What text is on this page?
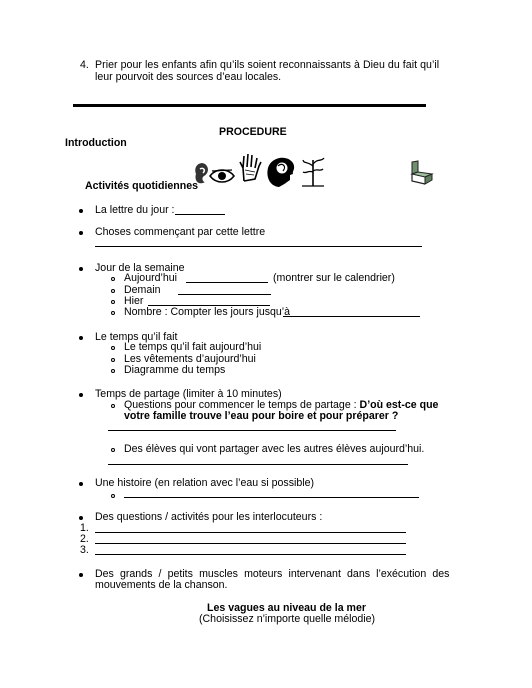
4. Prier pour les enfants afin qu’ils soient reconnaissants à Dieu du fait qu’il
leur pourvoit des sources d’eau locales.
PROCEDURE
Introduction
Activités quotidiennes
La lettre du jour :
Choses commençant par cette lettre
Jour de la semaine
Aujourd’hui	(montrer sur le calendrier)
Demain
Hier
Nombre : Compter les jours jusqu’à
Le temps qu’il fait
Le temps qu’il fait aujourd’hui
Les vêtements d’aujourd’hui
Diagramme du temps
Temps de partage (limiter à 10 minutes)
Questions pour commencer le temps de partage : D’où est-ce que
votre famille trouve l’eau pour boire et pour préparer ?
Des élèves qui vont partager avec les autres élèves aujourd’hui.
Une histoire (en relation avec l’eau si possible)
Des questions / activités pour les interlocuteurs :
1.
2.
3.
Des grands / petits muscles moteurs intervenant dans l’exécution des
mouvements de la chanson.
Les vagues au niveau de la mer
(Choisissez n’importe quelle mélodie)
